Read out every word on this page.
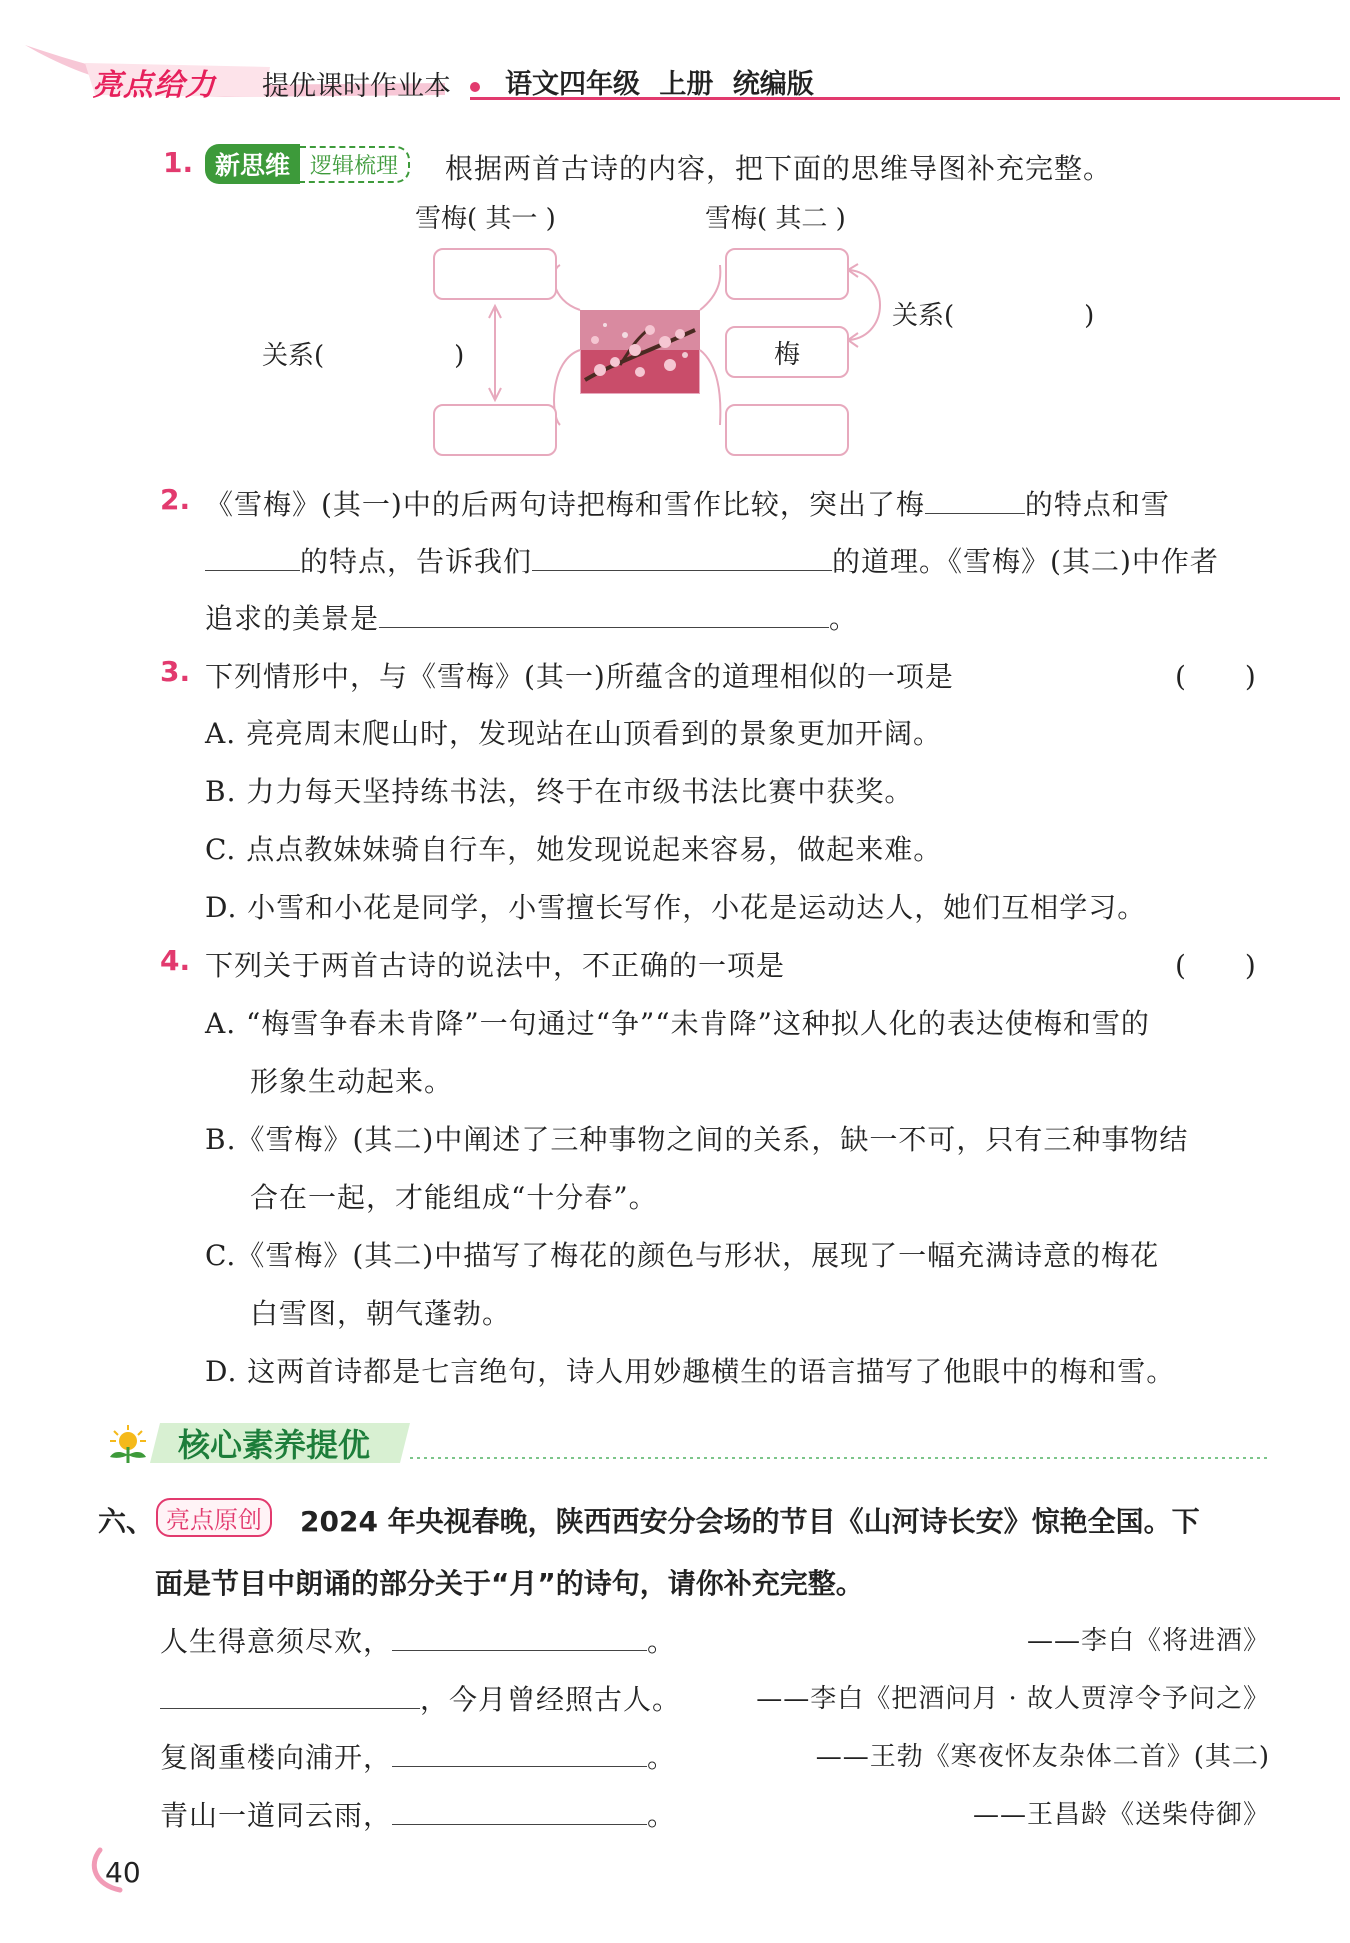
亮点给力 提优课时作业本 语文四年级 上册 统编版
1. 新思维 逻辑梳理	根据两首古诗的内容，把下面的思维导图补充完整。
雪梅( 其一 )	雪梅( 其二 )
梅
关系(　　　　　)
关系(　　　　　)
2. 《雪梅》(其一)中的后两句诗把梅和雪作比较，突出了梅	的特点和雪
的特点，告诉我们	的道理。《雪梅》(其二)中作者
追求的美景是	。
3. 下列情形中，与《雪梅》(其一)所蕴含的道理相似的一项是	(　　)
A. 亮亮周末爬山时，发现站在山顶看到的景象更加开阔。
B. 力力每天坚持练书法，终于在市级书法比赛中获奖。
C. 点点教妹妹骑自行车，她发现说起来容易，做起来难。
D. 小雪和小花是同学，小雪擅长写作，小花是运动达人，她们互相学习。
4. 下列关于两首古诗的说法中，不正确的一项是	(　　)
A. “梅雪争春未肯降”一句通过“争”“未肯降”这种拟人化的表达使梅和雪的
形象生动起来。
B.《雪梅》(其二)中阐述了三种事物之间的关系，缺一不可，只有三种事物结
合在一起，才能组成“十分春”。
C.《雪梅》(其二)中描写了梅花的颜色与形状，展现了一幅充满诗意的梅花
白雪图，朝气蓬勃。
D. 这两首诗都是七言绝句，诗人用妙趣横生的语言描写了他眼中的梅和雪。
核心素养提优
六、 亮点原创	2024 年央视春晚，陕西西安分会场的节目《山河诗长安》惊艳全国。下
面是节目中朗诵的部分关于“月”的诗句，请你补充完整。
人生得意须尽欢，	。	——李白《将进酒》
，今月曾经照古人。	——李白《把酒问月 · 故人贾淳令予问之》
复阁重楼向浦开，	。	——王勃《寒夜怀友杂体二首》(其二)
青山一道同云雨，	。	——王昌龄《送柴侍御》
40
